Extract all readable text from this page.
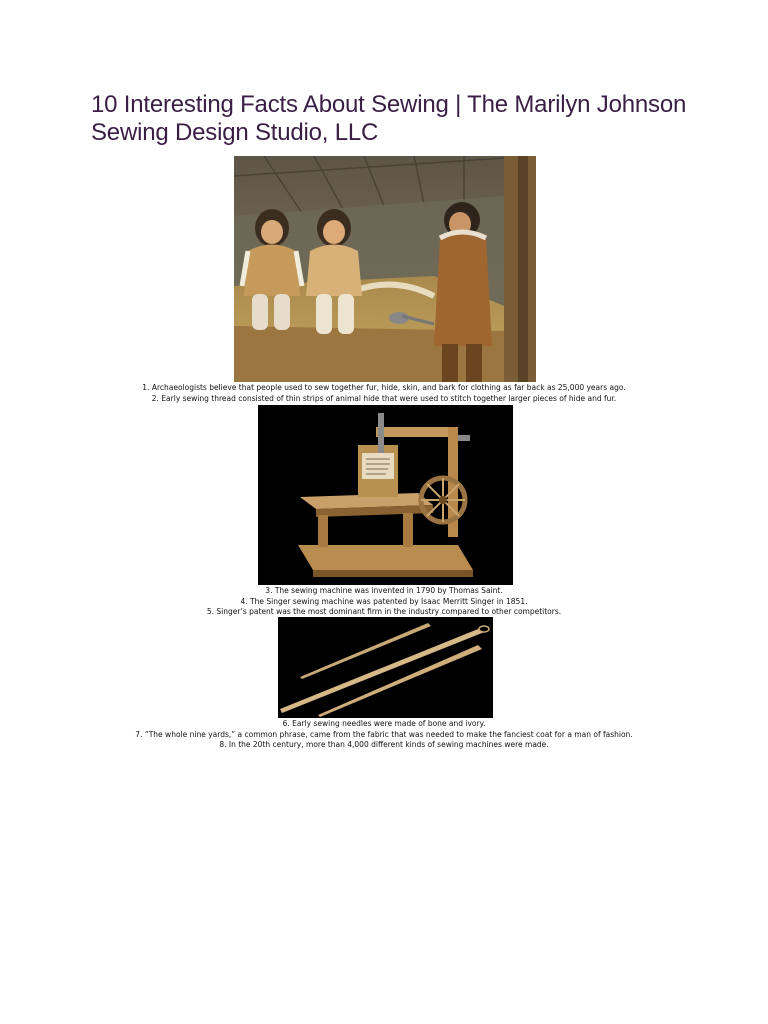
10 Interesting Facts About Sewing | The Marilyn Johnson
Sewing Design Studio, LLC
1. Archaeologists believe that people used to sew together fur, hide, skin, and bark for clothing as far back as 25,000 years ago.
2. Early sewing thread consisted of thin strips of animal hide that were used to stitch together larger pieces of hide and fur.
3. The sewing machine was invented in 1790 by Thomas Saint.
4. The Singer sewing machine was patented by Isaac Merritt Singer in 1851.
5. Singer’s patent was the most dominant firm in the industry compared to other competitors.
6. Early sewing needles were made of bone and ivory.
7. “The whole nine yards,” a common phrase, came from the fabric that was needed to make the fanciest coat for a man of fashion.
8. In the 20th century, more than 4,000 different kinds of sewing machines were made.
